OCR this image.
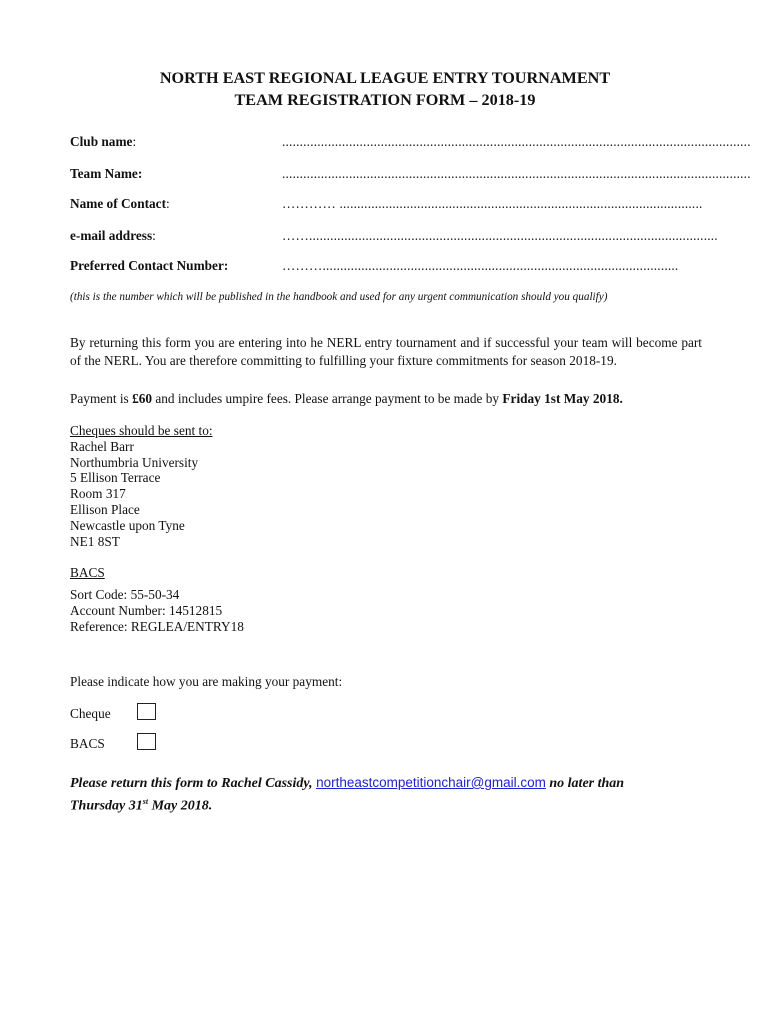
NORTH EAST REGIONAL LEAGUE ENTRY TOURNAMENT
TEAM REGISTRATION FORM – 2018-19
Club name:	.....................................................................................................................................
Team Name:	.....................................................................................................................................
Name of Contact:	………… .......................................................................................................
e-mail address:	……....................................................................................................................
Preferred Contact Number:	……….....................................................................................................
(this is the number which will be published in the handbook and used for any urgent communication should you qualify)
By returning this form you are entering into he NERL entry tournament and if successful your team will become part of the NERL. You are therefore committing to fulfilling your fixture commitments for season 2018-19.
Payment is £60 and includes umpire fees. Please arrange payment to be made by Friday 1st May 2018.
Cheques should be sent to:
Rachel Barr
Northumbria University
5 Ellison Terrace
Room 317
Ellison Place
Newcastle upon Tyne
NE1 8ST
BACS
Sort Code: 55-50-34
Account Number: 14512815
Reference: REGLEA/ENTRY18
Please indicate how you are making your payment:
Cheque
BACS
Please return this form to Rachel Cassidy, northeastcompetitionchair@gmail.com no later than
Thursday 31st May 2018.
